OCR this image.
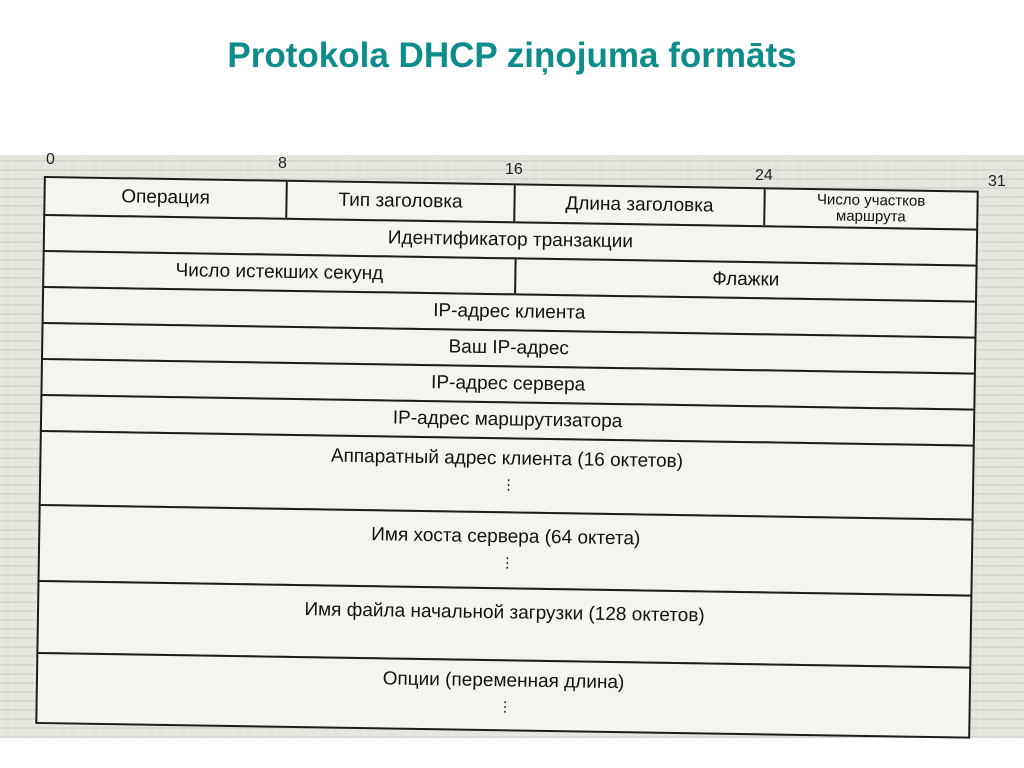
Protokola DHCP ziņojuma formāts
0	8	16	24	31
Операция	Тип заголовка	Длина заголовка	Число участков
маршрута
Идентификатор транзакции
Число истекших секунд	Флажки
IP-адрес клиента
Ваш IP-адрес
IP-адрес сервера
IP-адрес маршрутизатора
Аппаратный адрес клиента (16 октетов)
⋮
Имя хоста сервера (64 октета)
⋮
Имя файла начальной загрузки (128 октетов)
Опции (переменная длина)
⋮
